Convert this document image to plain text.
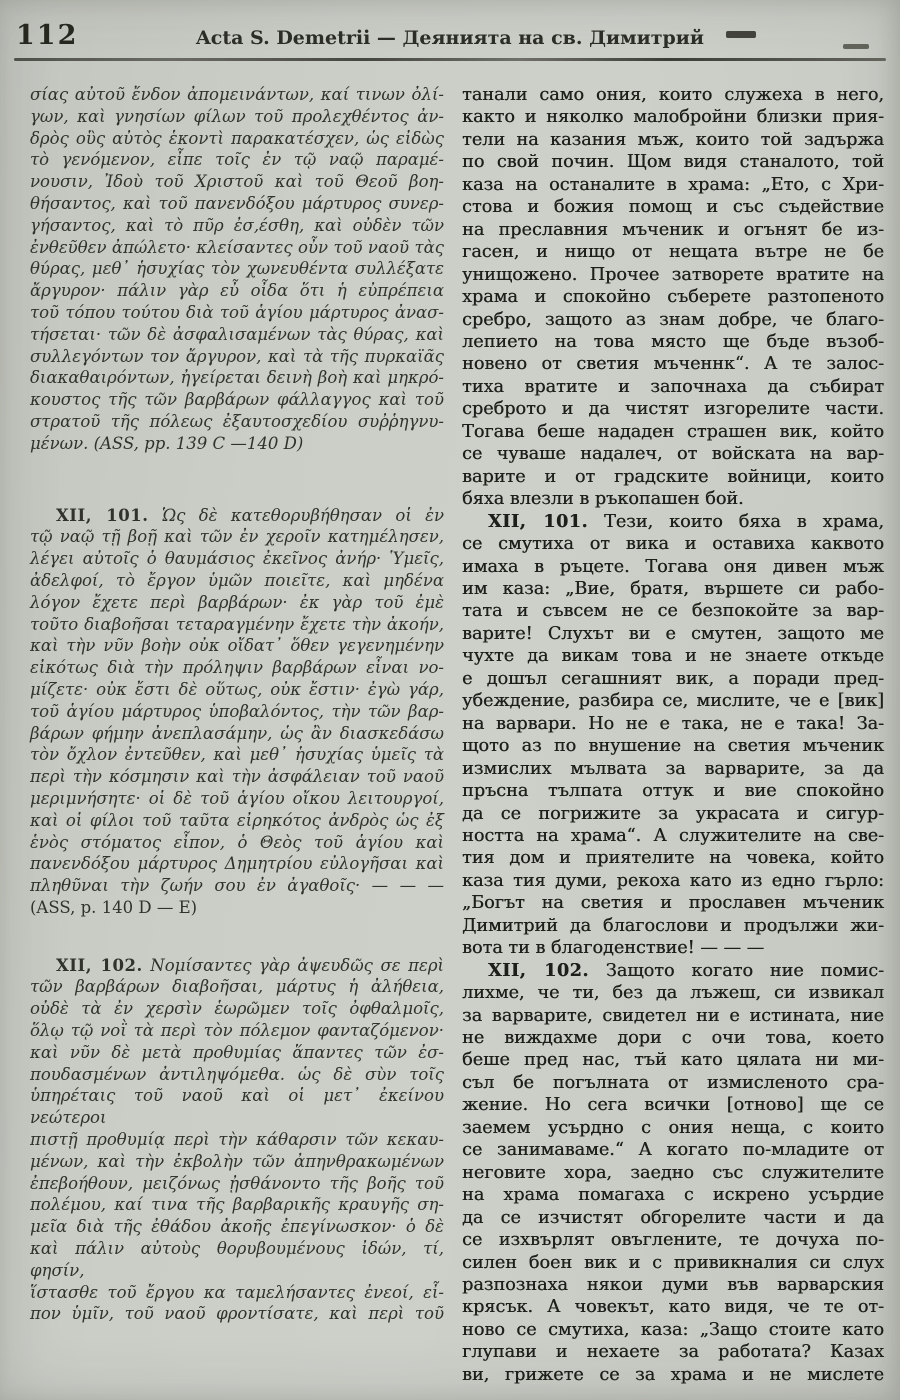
112	Acta S. Demetrii — Деянията на св. Димитрий
σίας αὐτοῦ ἔνδον ἀπομεινάντων, καί τινων ὀλί-
γων, καὶ γνησίων φίλων τοῦ προλεχθέντος ἀν-
δρὸς οὓς αὐτὸς ἑκοντὶ παρακατέσχεν, ὡς εἰδὼς
τὸ γενόμενον, εἶπε τοῖς ἐν τῷ ναῷ παραμέ-
νουσιν, Ἰδοὺ τοῦ Χριστοῦ καὶ τοῦ Θεοῦ βοη-
θήσαντος, καὶ τοῦ πανενδόξου μάρτυρος συνερ-
γήσαντος, καὶ τὸ πῦρ ἐσ,έσθη, καὶ οὐδὲν τῶν
ἐνθεῦθεν ἀπώλετο· κλείσαντες οὖν τοῦ ναοῦ τὰς
θύρας, μεθ᾽ ἡσυχίας τὸν χωνευθέντα συλλέξατε
ἄργυρον· πάλιν γὰρ εὖ οἶδα ὅτι ἡ εὐπρέπεια
τοῦ τόπου τούτου διὰ τοῦ ἁγίου μάρτυρος ἀνασ-
τήσεται· τῶν δὲ ἀσφαλισαμένων τὰς θύρας, καὶ
συλλεγόντων τον ἄργυρον, καὶ τὰ τῆς πυρκαϊᾶς
διακαθαιρόντων, ἠγείρεται δεινὴ βοὴ καὶ μηκρό-
κουστος τῆς τῶν βαρβάρων φάλλαγγος καὶ τοῦ
στρατοῦ τῆς πόλεως ἐξαυτοσχεδίου συῤῥηγνυ-
μένων. (ASS, pp. 139 C —140 D)
XII, 101. Ὡς δὲ κατεθορυβήθησαν οἱ ἐν
τῷ ναῷ τῇ βοῇ καὶ τῶν ἐν χεροῖν κατημέλησεν,
λέγει αὐτοῖς ὁ θαυμάσιος ἐκεῖνος ἀνήρ· Ὑμεῖς,
ἀδελφοί, τὸ ἔργον ὑμῶν ποιεῖτε, καὶ μηδένα
λόγον ἔχετε περὶ βαρβάρων· ἐκ γὰρ τοῦ ἐμὲ
τοῦτο διαβοῆσαι τεταραγμένην ἔχετε τὴν ἀκοήν,
καὶ τὴν νῦν βοὴν οὐκ οἴδατ᾽ ὅθεν γεγενημένην
εἰκότως διὰ τὴν πρόληψιν βαρβάρων εἶναι νο-
μίζετε· οὐκ ἔστι δὲ οὕτως, οὐκ ἔστιν· ἐγὼ γάρ,
τοῦ ἁγίου μάρτυρος ὑποβαλόντος, τὴν τῶν βαρ-
βάρων φήμην ἀνεπλασάμην, ὡς ἂν διασκεδάσω
τὸν ὄχλον ἐντεῦθεν, καὶ μεθ᾽ ἡσυχίας ὑμεῖς τὰ
περὶ τὴν κόσμησιν καὶ τὴν ἀσφάλειαν τοῦ ναοῦ
μεριμνήσητε· οἱ δὲ τοῦ ἁγίου οἴκου λειτουργοί,
καὶ οἱ φίλοι τοῦ ταῦτα εἰρηκότος ἀνδρὸς ὡς ἐξ
ἑνὸς στόματος εἶπον, ὁ Θεὸς τοῦ ἁγίου καὶ
πανενδόξου μάρτυρος Δημητρίου εὐλογῆσαι καὶ
πληθῦναι τὴν ζωήν σου ἐν ἀγαθοῖς· — — —
(ASS, p. 140 D — E)
XII, 102. Νομίσαντες γὰρ ἀψευδῶς σε περὶ
τῶν βαρβάρων διαβοῆσαι, μάρτυς ἡ ἀλήθεια,
οὐδὲ τὰ ἐν χερσὶν ἑωρῶμεν τοῖς ὀφθαλμοῖς,
ὅλῳ τῷ νοῒ τὰ περὶ τὸν πόλεμον φανταζόμενον·
καὶ νῦν δὲ μετὰ προθυμίας ἅπαντες τῶν ἐσ-
πουδασμένων ἀντιληψόμεθα. ὡς δὲ σὺν τοῖς
ὑπηρέταις τοῦ ναοῦ καὶ οἱ μετ᾽ ἐκείνου νεώτεροι
πιστῇ προθυμίᾳ περὶ τὴν κάθαρσιν τῶν κεκαυ-
μένων, καὶ τὴν ἐκβολὴν τῶν ἀπηνθρακωμένων
ἐπεβοήθουν, μειζόνως ᾐσθάνοντο τῆς βοῆς τοῦ
πολέμου, καί τινα τῆς βαρβαρικῆς κραυγῆς ση-
μεῖα διὰ τῆς ἐθάδου ἀκοῆς ἐπεγίνωσκον· ὁ δὲ
καὶ πάλιν αὐτοὺς θορυβουμένους ἰδών, τί, φησίν,
ἵστασθε τοῦ ἔργου κα ταμελήσαντες ἐνεοί, εἶ-
πον ὑμῖν, τοῦ ναοῦ φροντίσατε, καὶ περὶ τοῦ
танали само ония, които служеха в него,
както и няколко малобройни близки прия-
тели на казания мъж, които той задържа
по свой почин. Щом видя станалото, той
каза на останалите в храма: „Ето, с Хри-
стова и божия помощ и със съдействие
на преславния мъченик и огънят бе из-
гасен, и нищо от нещата вътре не бе
унищожено. Прочее затворете вратите на
храма и спокойно съберете разтопеното
сребро, защото аз знам добре, че благо-
лепието на това място ще бъде възоб-
новено от светия мъченнк“. А те залос-
тиха вратите и започнаха да събират
среброто и да чистят изгорелите части.
Тогава беше нададен страшен вик, който
се чуваше надалеч, от войската на вар-
варите и от градските войници, които
бяха влезли в ръкопашен бой.
XII, 101. Тези, които бяха в храма,
се смутиха от вика и оставиха каквото
имаха в ръцете. Тогава оня дивен мъж
им каза: „Вие, братя, вършете си рабо-
тата и съвсем не се безпокойте за вар-
варите! Слухът ви е смутен, защото ме
чухте да викам това и не знаете откъде
е дошъл сегашният вик, а поради пред-
убеждение, разбира се, мислите, че е [вик]
на варвари. Но не е така, не е така! За-
щото аз по внушение на светия мъченик
измислих мълвата за варварите, за да
пръсна тълпата оттук и вие спокойно
да се погрижите за украсата и сигур-
ността на храма“. А служителите на све-
тия дом и приятелите на човека, който
каза тия думи, рекоха като из едно гърло:
„Богът на светия и прославен мъченик
Димитрий да благослови и продължи жи-
вота ти в благоденствие! — — —
XII, 102. Защото когато ние помис-
лихме, че ти, без да лъжеш, си извикал
за варварите, свидетел ни е истината, ние
не виждахме дори с очи това, което
беше пред нас, тъй като цялата ни ми-
съл бе погълната от измисленото сра-
жение. Но сега всички [отново] ще се
заемем усърдно с ония неща, с които
се занимаваме.“ А когато по-младите от
неговите хора, заедно със служителите
на храма помагаха с искрено усърдие
да се изчистят обгорелите части и да
се изхвърлят овъглените, те дочуха по-
силен боен вик и с привикналия си слух
разпознаха някои думи във варварския
крясък. А човекът, като видя, че те от-
ново се смутиха, каза: „Защо стоите като
глупави и нехаете за работата? Казах
ви, грижете се за храма и не мислете
